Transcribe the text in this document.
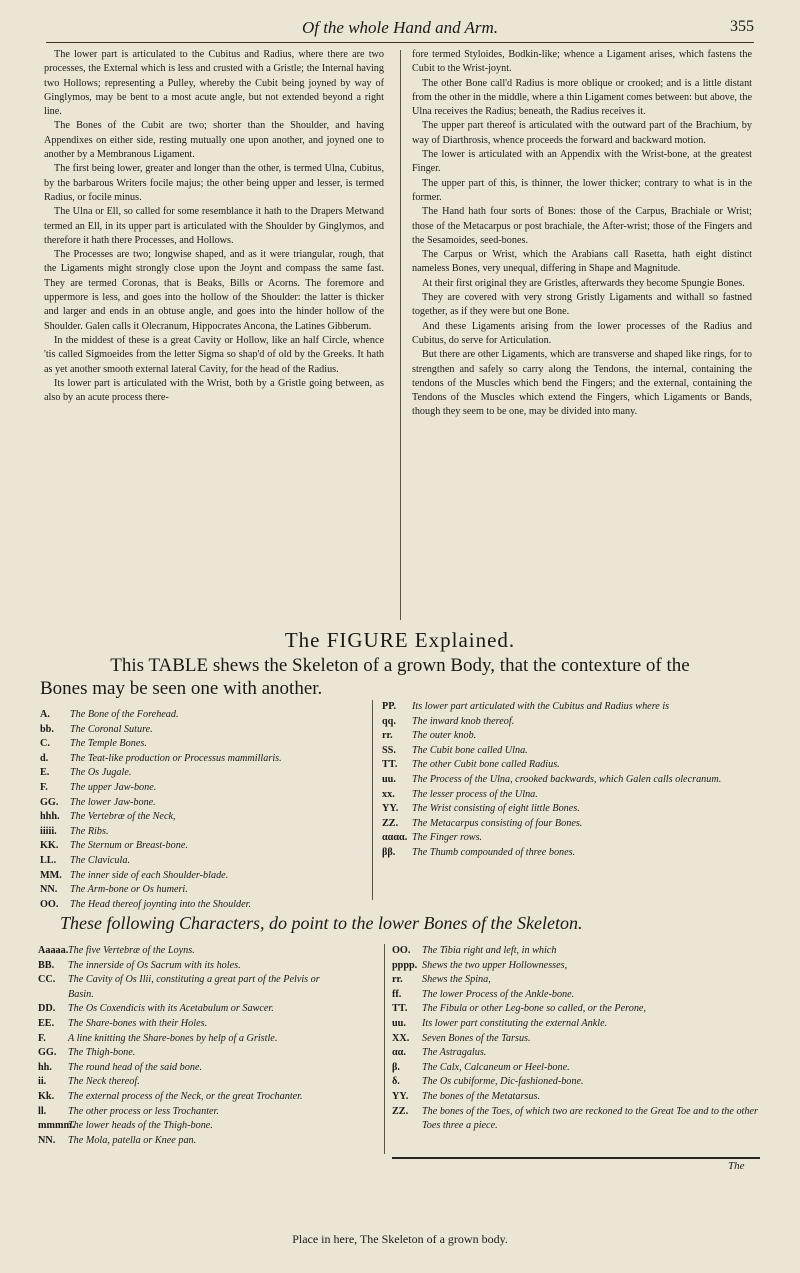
Of the whole Hand and Arm.	355

The lower part is articulated to the Cubitus and Radius, where there are two processes, the External which is less and crusted with a Gristle; the Internal having two Hollows; representing a Pulley, whereby the Cubit being joyned by way of Ginglymos, may be bent to a most acute angle, but not extended beyond a right line.

The Bones of the Cubit are two; shorter than the Shoulder, and having Appendixes on either side, resting mutually one upon another, and joyned one to another by a Membranous Ligament.

The first being lower, greater and longer than the other, is termed Ulna, Cubitus, by the barbarous Writers focile majus; the other being upper and lesser, is termed Radius, or focile minus.

The Ulna or Ell, so called for some resemblance it hath to the Drapers Metwand termed an Ell, in its upper part is articulated with the Shoulder by Ginglymos, and therefore it hath there Processes, and Hollows.

The Processes are two; longwise shaped, and as it were triangular, rough, that the Ligaments might strongly close upon the Joynt and compass the same fast. They are termed Coronas, that is Beaks, Bills or Acorns. The foremore and uppermore is less, and goes into the hollow of the Shoulder: the latter is thicker and larger and ends in an obtuse angle, and goes into the hinder hollow of the Shoulder. Galen calls it Olecranum, Hippocrates Ancona, the Latines Gibberum.

In the middest of these is a great Cavity or Hollow, like an half Circle, whence 'tis called Sigmoeides from the letter Sigma so shap'd of old by the Greeks. It hath as yet another smooth external lateral Cavity, for the head of the Radius.

Its lower part is articulated with the Wrist, both by a Gristle going between, as also by an acute process there-

fore termed Styloides, Bodkin-like; whence a Ligament arises, which fastens the Cubit to the Wrist-joynt.

The other Bone call'd Radius is more oblique or crooked; and is a little distant from the other in the middle, where a thin Ligament comes between: but above, the Ulna receives the Radius; beneath, the Radius receives it.

The upper part thereof is articulated with the outward part of the Brachium, by way of Diarthrosis, whence proceeds the forward and backward motion.

The lower is articulated with an Appendix with the Wrist-bone, at the greatest Finger.

The upper part of this, is thinner, the lower thicker; contrary to what is in the former.

The Hand hath four sorts of Bones: those of the Carpus, Brachiale or Wrist; those of the Metacarpus or post brachiale, the After-wrist; those of the Fingers and the Sesamoides, seed-bones.

The Carpus or Wrist, which the Arabians call Rasetta, hath eight distinct nameless Bones, very unequal, differing in Shape and Magnitude.

At their first original they are Gristles, afterwards they become Spungie Bones.

They are covered with very strong Gristly Ligaments and withall so fastned together, as if they were but one Bone.

And these Ligaments arising from the lower processes of the Radius and Cubitus, do serve for Articulation.

But there are other Ligaments, which are transverse and shaped like rings, for to strengthen and safely so carry along the Tendons, the internal, containing the tendons of the Muscles which bend the Fingers; and the external, containing the Tendons of the Muscles which extend the Fingers, which Ligaments or Bands, though they seem to be one, may be divided into many.

The FIGURE Explained.
This TABLE shews the Skeleton of a grown Body, that the contexture of the
Bones may be seen one with another.
A. The Bone of the Forehead.
bb. The Coronal Suture.
C. The Temple Bones.
d. The Teat-like production or Processus mammillaris.
E. The Os Jugale.
F. The upper Jaw-bone.
GG. The lower Jaw-bone.
hhh. The Vertebræ of the Neck,
iiiii. The Ribs.
KK. The Sternum or Breast-bone.
LL. The Clavicula.
MM. The inner side of each Shoulder-blade.
NN. The Arm-bone or Os humeri.
OO. The Head thereof joynting into the Shoulder.
PP. Its lower part articulated with the Cubitus and Radius where is
qq. The inward knob thereof.
rr. The outer knob.
SS. The Cubit bone called Ulna.
TT. The other Cubit bone called Radius.
uu. The Process of the Ulna, crooked backwards, which Galen calls olecranum.
xx. The lesser process of the Ulna.
YY. The Wrist consisting of eight little Bones.
ZZ. The Metacarpus consisting of four Bones.
αααα. The Finger rows.
ββ. The Thumb compounded of three bones.
These following Characters, do point to the lower Bones of the Skeleton.
Aaaaa.The five Vertebræ of the Loyns.
BB. The innerside of Os Sacrum with its holes.
CC. The Cavity of Os Ilii, constituting a great part of the Pelvis or Basin.
DD. The Os Coxendicis with its Acetabulum or Sawcer.
EE. The Share-bones with their Holes.
F. A line knitting the Share-bones by help of a Gristle.
GG. The Thigh-bone.
hh. The round head of the said bone.
ii. The Neck thereof.
Kk. The external process of the Neck, or the great Trochanter.
ll. The other process or less Trochanter.
mmmm.The lower heads of the Thigh-bone.
NN. The Mola, patella or Knee pan.
OO. The Tibia right and left, in which
pppp. Shews the two upper Hollownesses,
rr. Shews the Spina,
ff. The lower Process of the Ankle-bone.
TT. The Fibula or other Leg-bone so called, or the Perone,
uu. Its lower part constituting the external Ankle.
XX. Seven Bones of the Tarsus.
αα. The Astragalus.
β. The Calx, Calcaneum or Heel-bone.
δ. The Os cubiforme, Dic-fashioned-bone.
YY. The bones of the Metatarsus.
ZZ. The bones of the Toes, of which two are reckoned to the Great Toe and to the other Toes three a piece.
The
Place in here, The Skeleton of a grown body.
